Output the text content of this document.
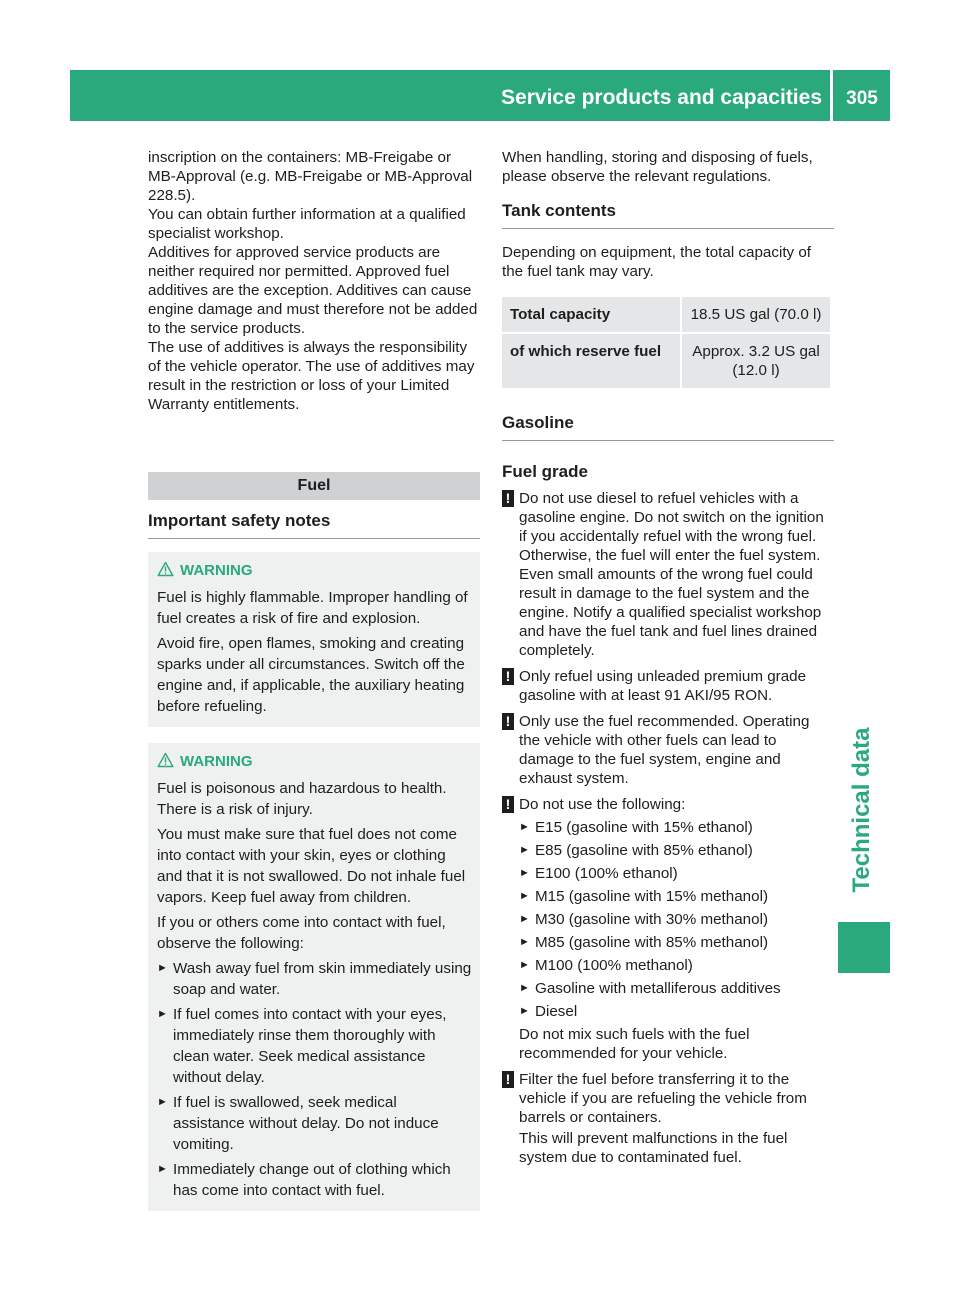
Service products and capacities	305
Technical data

inscription on the containers: MB-Freigabe or MB-Approval (e.g. MB-Freigabe or MB-Approval 228.5).

You can obtain further information at a qualified specialist workshop.

Additives for approved service products are neither required nor permitted. Approved fuel additives are the exception. Additives can cause engine damage and must therefore not be added to the service products.

The use of additives is always the responsibility of the vehicle operator. The use of additives may result in the restriction or loss of your Limited Warranty entitlements.

Fuel
Important safety notes
WARNING

Fuel is highly flammable. Improper handling of fuel creates a risk of fire and explosion.

Avoid fire, open flames, smoking and creating sparks under all circumstances. Switch off the engine and, if applicable, the auxiliary heating before refueling.

WARNING

Fuel is poisonous and hazardous to health. There is a risk of injury.

You must make sure that fuel does not come into contact with your skin, eyes or clothing and that it is not swallowed. Do not inhale fuel vapors. Keep fuel away from children.

If you or others come into contact with fuel, observe the following:

► Wash away fuel from skin immediately using soap and water.
► If fuel comes into contact with your eyes, immediately rinse them thoroughly with clean water. Seek medical assistance without delay.
► If fuel is swallowed, seek medical assistance without delay. Do not induce vomiting.
► Immediately change out of clothing which has come into contact with fuel.

When handling, storing and disposing of fuels, please observe the relevant regulations.

Tank contents

Depending on equipment, the total capacity of the fuel tank may vary.

Total capacity	18.5 US gal (70.0 l)
of which reserve fuel	Approx. 3.2 US gal (12.0 l)
Gasoline
Fuel grade
! Do not use diesel to refuel vehicles with a gasoline engine. Do not switch on the ignition if you accidentally refuel with the wrong fuel. Otherwise, the fuel will enter the fuel system. Even small amounts of the wrong fuel could result in damage to the fuel system and the engine. Notify a qualified specialist workshop and have the fuel tank and fuel lines drained completely.
! Only refuel using unleaded premium grade gasoline with at least 91 AKI/95 RON.
! Only use the fuel recommended. Operating the vehicle with other fuels can lead to damage to the fuel system, engine and exhaust system.
! Do not use the following:
► E15 (gasoline with 15% ethanol)
► E85 (gasoline with 85% ethanol)
► E100 (100% ethanol)
► M15 (gasoline with 15% methanol)
► M30 (gasoline with 30% methanol)
► M85 (gasoline with 85% methanol)
► M100 (100% methanol)
► Gasoline with metalliferous additives
► Diesel

Do not mix such fuels with the fuel recommended for your vehicle.

! Filter the fuel before transferring it to the vehicle if you are refueling the vehicle from barrels or containers.

This will prevent malfunctions in the fuel system due to contaminated fuel.
